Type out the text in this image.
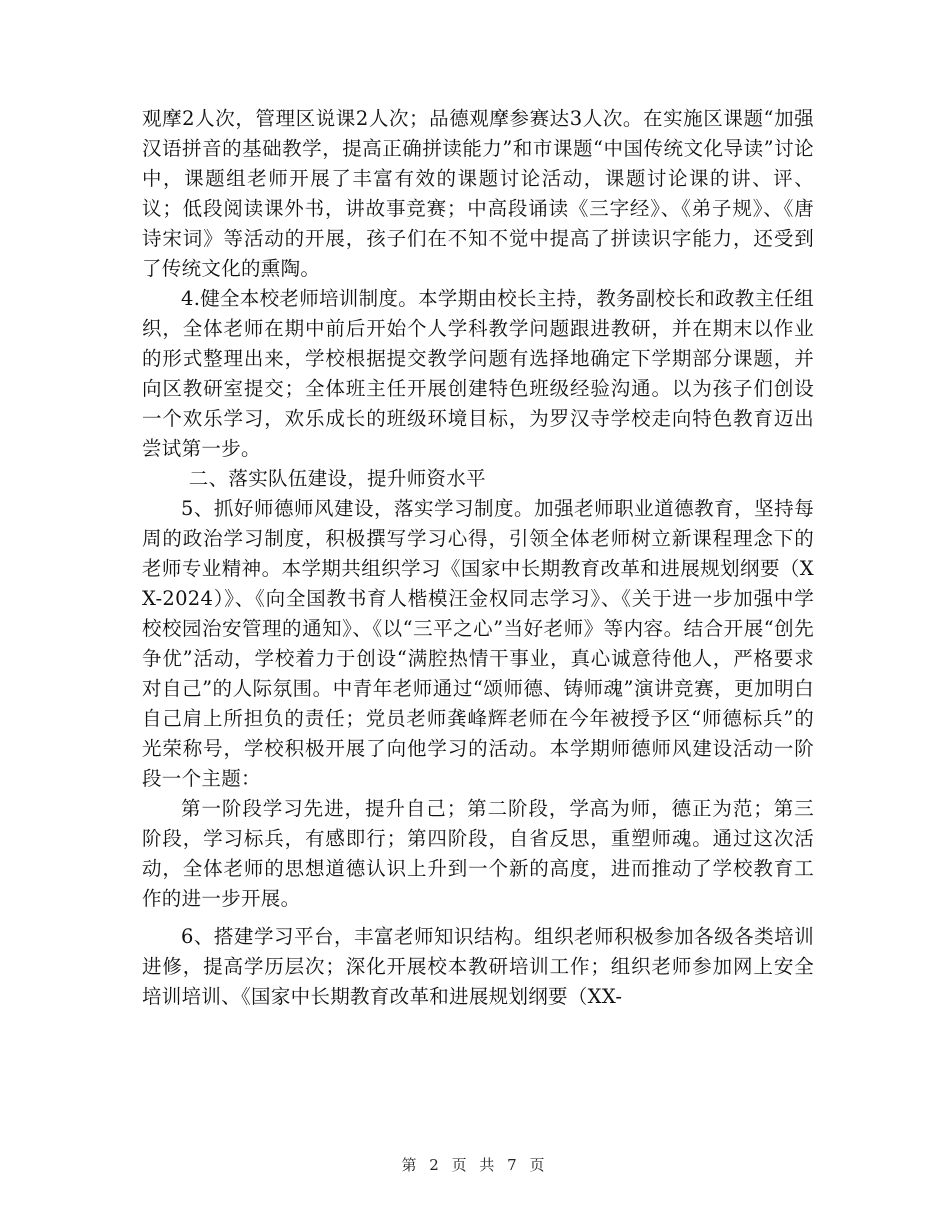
观摩2人次，管理区说课2人次；品德观摩参赛达3人次。在实施区课题“加强汉语拼音的基础教学，提高正确拼读能力”和市课题“中国传统文化导读”讨论中，课题组老师开展了丰富有效的课题讨论活动，课题讨论课的讲、评、议；低段阅读课外书，讲故事竞赛；中高段诵读《三字经》、《弟子规》、《唐诗宋词》等活动的开展，孩子们在不知不觉中提高了拼读识字能力，还受到了传统文化的熏陶。

4.健全本校老师培训制度。本学期由校长主持，教务副校长和政教主任组织，全体老师在期中前后开始个人学科教学问题跟进教研，并在期末以作业的形式整理出来，学校根据提交教学问题有选择地确定下学期部分课题，并向区教研室提交；全体班主任开展创建特色班级经验沟通。以为孩子们创设一个欢乐学习，欢乐成长的班级环境目标，为罗汉寺学校走向特色教育迈出尝试第一步。

二、落实队伍建设，提升师资水平

5、抓好师德师风建设，落实学习制度。加强老师职业道德教育，坚持每周的政治学习制度，积极撰写学习心得，引领全体老师树立新课程理念下的老师专业精神。本学期共组织学习《国家中长期教育改革和进展规划纲要（XX-2024）》、《向全国教书育人楷模汪金权同志学习》、《关于进一步加强中学校校园治安管理的通知》、《以“三平之心”当好老师》等内容。结合开展“创先争优”活动，学校着力于创设“满腔热情干事业，真心诚意待他人，严格要求对自己”的人际氛围。中青年老师通过“颂师德、铸师魂”演讲竞赛，更加明白自己肩上所担负的责任；党员老师龚峰辉老师在今年被授予区“师德标兵”的光荣称号，学校积极开展了向他学习的活动。本学期师德师风建设活动一阶段一个主题：

第一阶段学习先进，提升自己；第二阶段，学高为师，德正为范；第三阶段，学习标兵，有感即行；第四阶段，自省反思，重塑师魂。通过这次活动，全体老师的思想道德认识上升到一个新的高度，进而推动了学校教育工作的进一步开展。

6、搭建学习平台，丰富老师知识结构。组织老师积极参加各级各类培训进修，提高学历层次；深化开展校本教研培训工作；组织老师参加网上安全培训培训、《国家中长期教育改革和进展规划纲要（XX-

第 2 页 共 7 页
